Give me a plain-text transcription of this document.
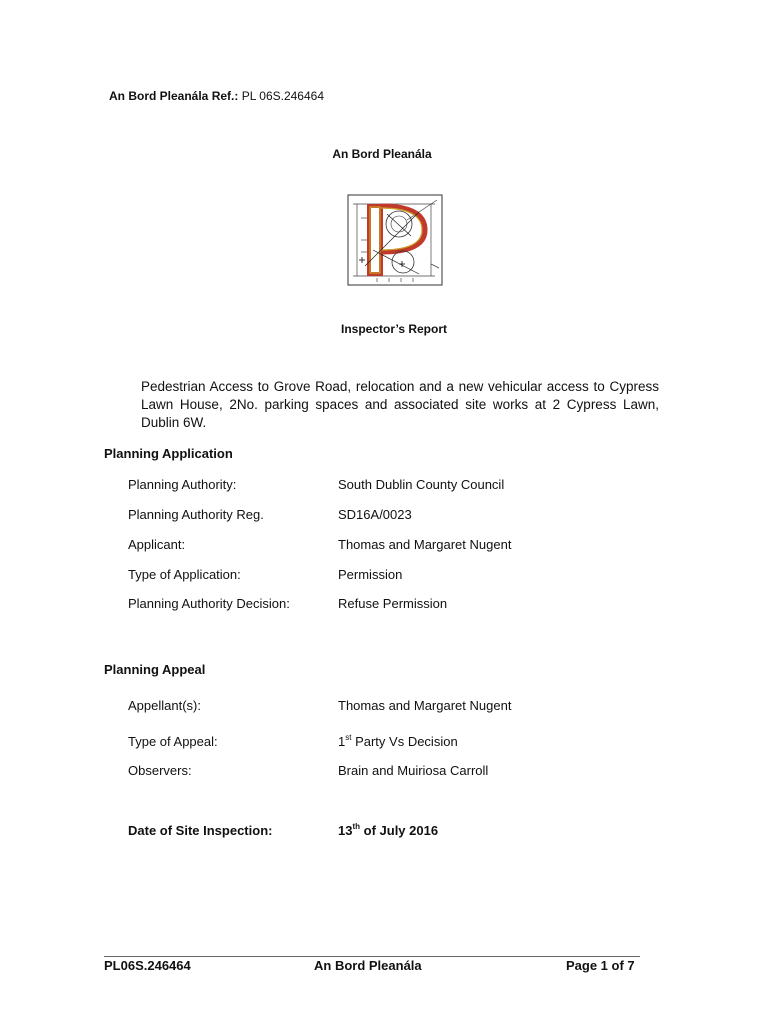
An Bord Pleanála Ref.: PL 06S.246464
An Bord Pleanála
Inspector’s Report
Pedestrian Access to Grove Road, relocation and a new vehicular access to Cypress Lawn House, 2No. parking spaces and associated site works at 2 Cypress Lawn, Dublin 6W.
Planning Application
Planning Authority:	South Dublin County Council
Planning Authority Reg.	SD16A/0023
Applicant:	Thomas and Margaret Nugent
Type of Application:	Permission
Planning Authority Decision:	Refuse Permission
Planning Appeal
Appellant(s):	Thomas and Margaret Nugent
Type of Appeal:	1st Party Vs Decision
Observers:	Brain and Muiriosa Carroll
Date of Site Inspection:	13th of July 2016
PL06S.246464	An Bord Pleanála	Page 1 of 7
